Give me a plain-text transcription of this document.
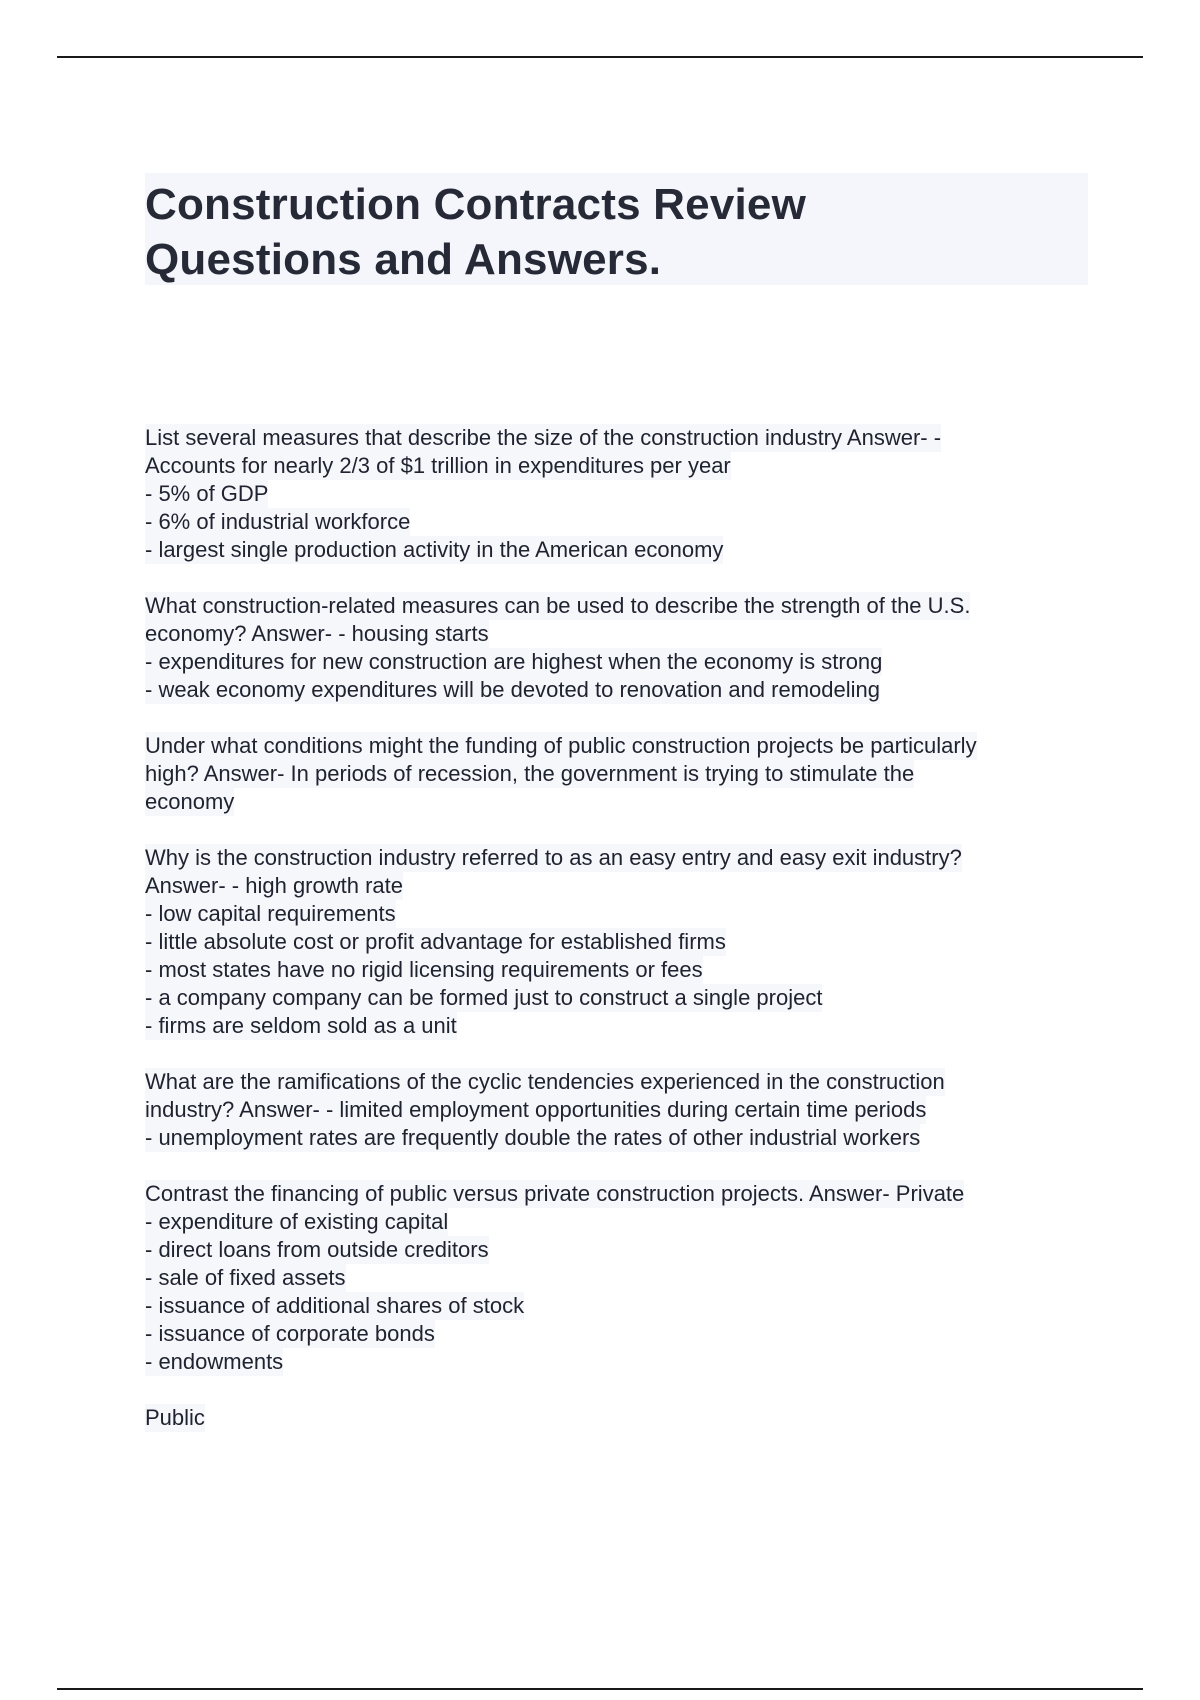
Construction Contracts Review
Questions and Answers.
List several measures that describe the size of the construction industry Answer- -
Accounts for nearly 2/3 of $1 trillion in expenditures per year
- 5% of GDP
- 6% of industrial workforce
- largest single production activity in the American economy
What construction-related measures can be used to describe the strength of the U.S.
economy? Answer- - housing starts
- expenditures for new construction are highest when the economy is strong
- weak economy expenditures will be devoted to renovation and remodeling
Under what conditions might the funding of public construction projects be particularly
high? Answer- In periods of recession, the government is trying to stimulate the
economy
Why is the construction industry referred to as an easy entry and easy exit industry?
Answer- - high growth rate
- low capital requirements
- little absolute cost or profit advantage for established firms
- most states have no rigid licensing requirements or fees
- a company company can be formed just to construct a single project
- firms are seldom sold as a unit
What are the ramifications of the cyclic tendencies experienced in the construction
industry? Answer- - limited employment opportunities during certain time periods
- unemployment rates are frequently double the rates of other industrial workers
Contrast the financing of public versus private construction projects. Answer- Private
- expenditure of existing capital
- direct loans from outside creditors
- sale of fixed assets
- issuance of additional shares of stock
- issuance of corporate bonds
- endowments
Public
